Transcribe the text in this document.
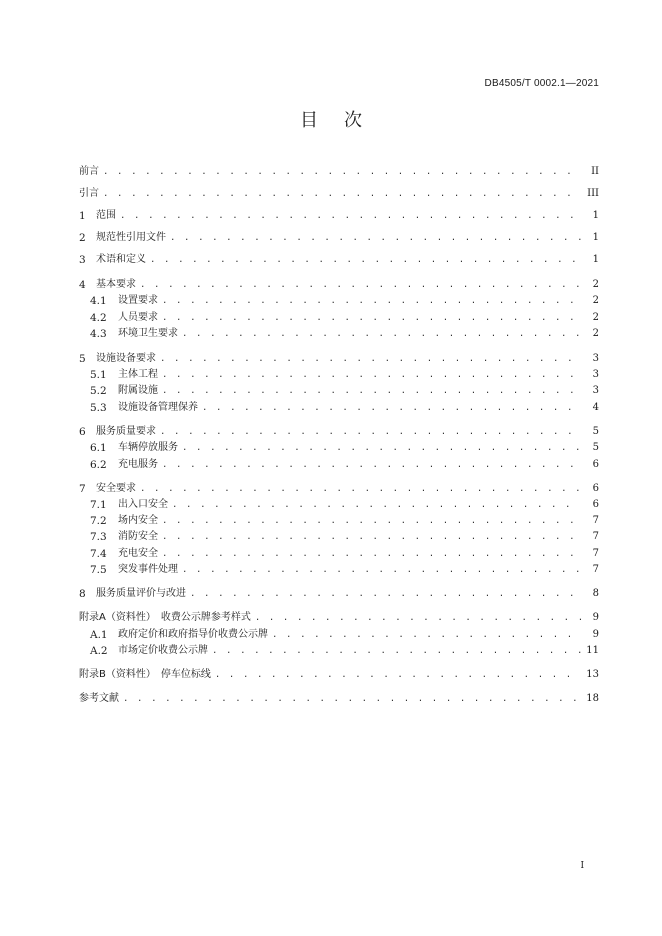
DB4505/T 0002.1—2021
目次
前言 . . .	II
引言 . . .	III
1	范围 . . .	1
2	规范性引用文件 . . .	1
3	术语和定义 . . .	1
4	基本要求 . . .	2
4.1	设置要求 . . .	2
4.2	人员要求 . . .	2
4.3	环境卫生要求 . . .	2
5	设施设备要求 . . .	3
5.1	主体工程 . . .	3
5.2	附属设施 . . .	3
5.3	设施设备管理保养 . . .	4
6	服务质量要求 . . .	5
6.1	车辆停放服务 . . .	5
6.2	充电服务 . . .	6
7	安全要求 . . .	6
7.1	出入口安全 . . .	6
7.2	场内安全 . . .	7
7.3	消防安全 . . .	7
7.4	充电安全 . . .	7
7.5	突发事件处理 . . .	7
8	服务质量评价与改进 . . .	8
附录A（资料性）　收费公示牌参考样式 . . .	9
A.1	政府定价和政府指导价收费公示牌 . . .	9
A.2	市场定价收费公示牌 . . .	11
附录B（资料性）　停车位标线 . . .	13
参考文献 . . .	18
I
